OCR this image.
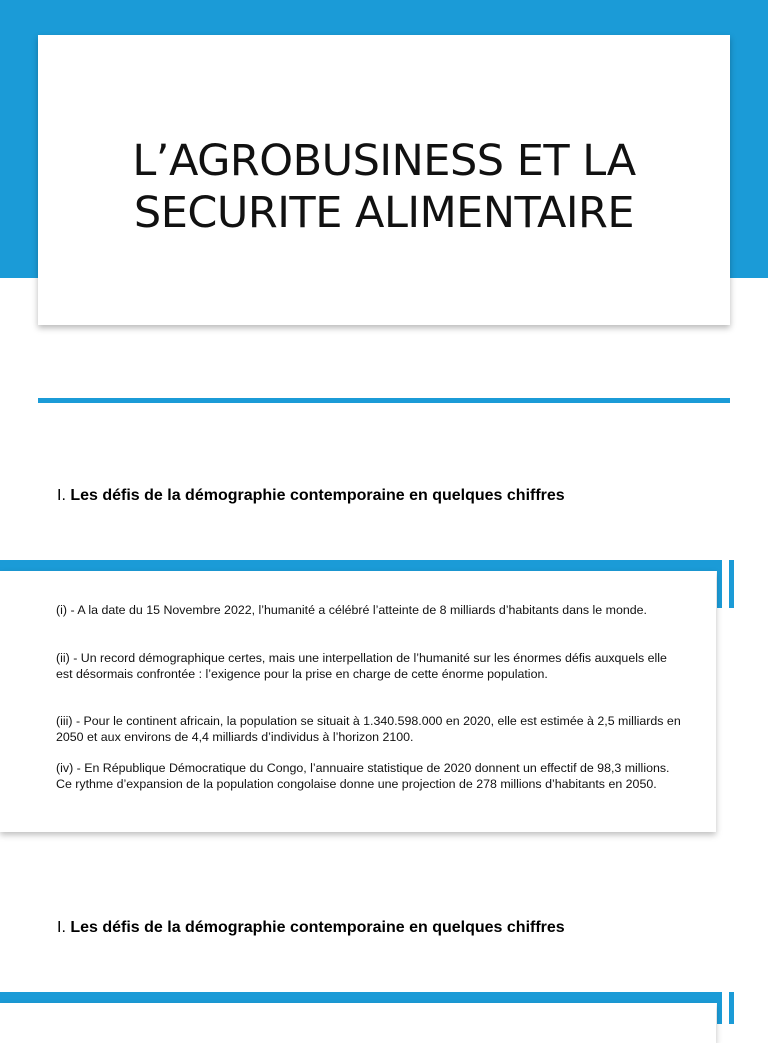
L’AGROBUSINESS ET LA
SECURITE ALIMENTAIRE
I. Les défis de la démographie contemporaine en quelques chiffres

(i) - A la date du 15 Novembre 2022, l’humanité a célébré l’atteinte de 8 milliards d’habitants dans le monde.

(ii) - Un record démographique certes, mais une interpellation de l’humanité sur les énormes défis auxquels elle est désormais confrontée : l’exigence pour la prise en charge de cette énorme population.

(iii) - Pour le continent africain, la population se situait à 1.340.598.000 en 2020, elle est estimée à 2,5 milliards en 2050 et aux environs de 4,4 milliards d’individus à l’horizon 2100.

(iv) - En République Démocratique du Congo, l’annuaire statistique de 2020 donnent un effectif de 98,3 millions. Ce rythme d’expansion de la population congolaise donne une projection de 278 millions d’habitants en 2050.

I. Les défis de la démographie contemporaine en quelques chiffres
